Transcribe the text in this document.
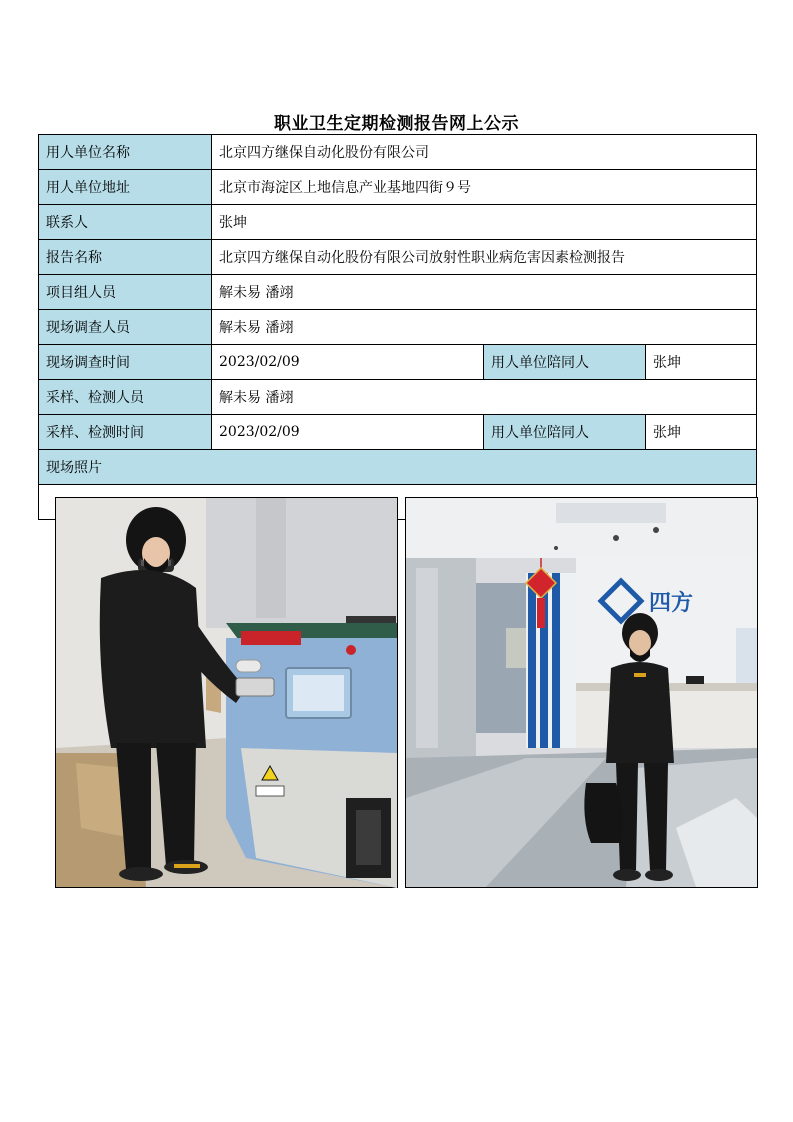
职业卫生定期检测报告网上公示
用人单位名称	北京四方继保自动化股份有限公司		
用人单位地址	北京市海淀区上地信息产业基地四街９号		
联系人	张坤		
报告名称	北京四方继保自动化股份有限公司放射性职业病危害因素检测报告		
项目组人员	解未易 潘翊		
现场调查人员	解未易 潘翊		
现场调查时间	2023/02/09	用人单位陪同人	张坤
采样、检测人员	解未易 潘翊		
采样、检测时间	2023/02/09	用人单位陪同人	张坤
现场照片			

四方			
